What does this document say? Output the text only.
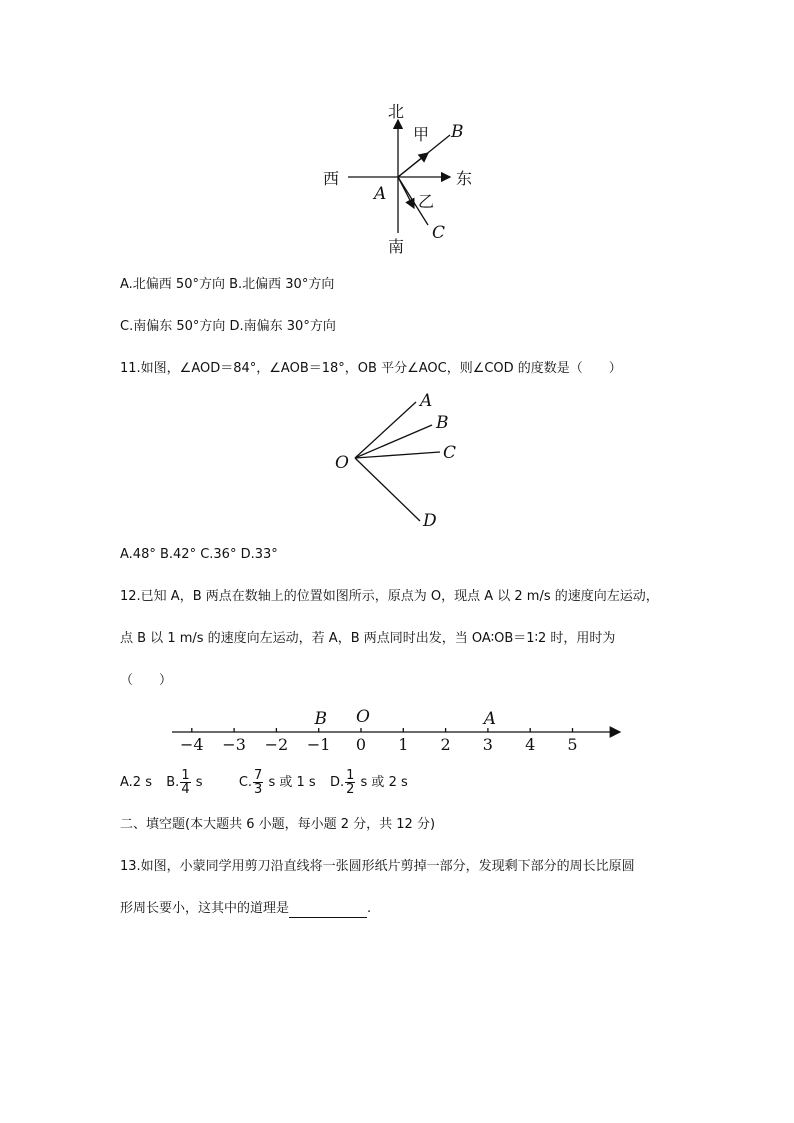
北
南
西	东
甲
乙
A
B
C
A.北偏西 50°方向 B.北偏西 30°方向
C.南偏东 50°方向 D.南偏东 30°方向
11.如图，∠AOD＝84°，∠AOB＝18°，OB 平分∠AOC，则∠COD 的度数是（　　）
O
A
B
C
D
A.48° B.42° C.36° D.33°
12.已知 A，B 两点在数轴上的位置如图所示，原点为 O，现点 A 以 2 m/s 的速度向左运动，
点 B 以 1 m/s 的速度向左运动，若 A，B 两点同时出发，当 OA∶OB＝1∶2 时，用时为
（　　）
−4 −3 −2 −1 0 1 2 3 4 5
B O	A
A.2 s B. $\frac{1}{4}$ s	C. $\frac{7}{3}$ s 或 1 s D. $\frac{1}{2}$ s 或 2 s
二、填空题(本大题共 6 小题，每小题 2 分，共 12 分)
13.如图，小蒙同学用剪刀沿直线将一张圆形纸片剪掉一部分，发现剩下部分的周长比原圆
形周长要小，这其中的道理是	.
